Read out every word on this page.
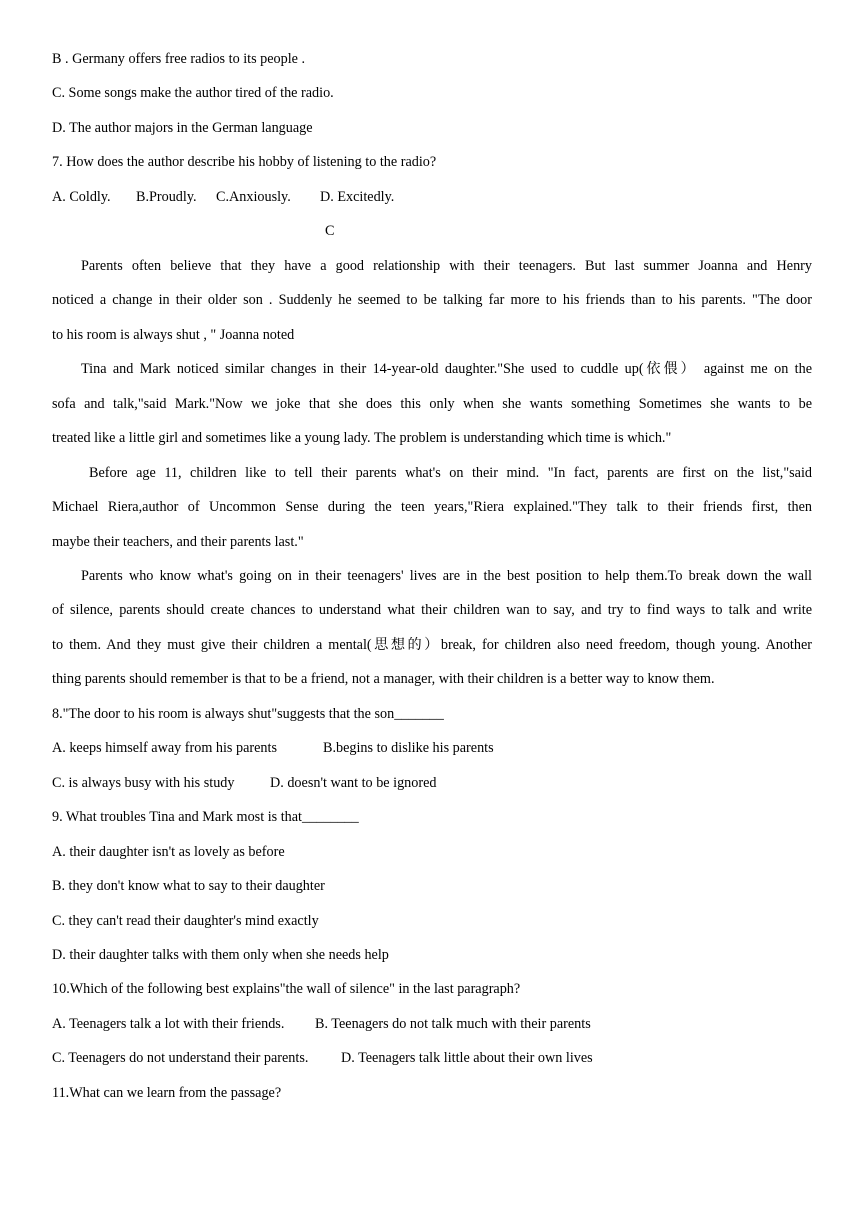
B . Germany offers free radios to its people .
C. Some songs make the author tired of the radio.
D. The author majors in the German language
7. How does the author describe his hobby of listening to the radio?
A. Coldly. B.Proudly. C.Anxiously. D. Excitedly.
C
Parents often believe that they have a good relationship with their teenagers. But last summer Joanna and Henry
noticed a change in their older son . Suddenly he seemed to be talking far more to his friends than to his parents. "The door
to his room is always shut , " Joanna noted
Tina and Mark noticed similar changes in their 14-year-old daughter."She used to cuddle up(依偎） against me on the
sofa and talk,"said Mark."Now we joke that she does this only when she wants something Sometimes she wants to be
treated like a little girl and sometimes like a young lady. The problem is understanding which time is which."
Before age 11, children like to tell their parents what's on their mind. "In fact, parents are first on the list,"said
Michael Riera,author of Uncommon Sense during the teen years,"Riera explained."They talk to their friends first, then
maybe their teachers, and their parents last."
Parents who know what's going on in their teenagers' lives are in the best position to help them.To break down the wall
of silence, parents should create chances to understand what their children wan to say, and try to find ways to talk and write
to them. And they must give their children a mental(思想的）break, for children also need freedom, though young. Another
thing parents should remember is that to be a friend, not a manager, with their children is a better way to know them.
8."The door to his room is always shut"suggests that the son_______
A. keeps himself away from his parents	B.begins to dislike his parents
C. is always busy with his study	D. doesn't want to be ignored
9. What troubles Tina and Mark most is that________
A. their daughter isn't as lovely as before
B. they don't know what to say to their daughter
C. they can't read their daughter's mind exactly
D. their daughter talks with them only when she needs help
10.Which of the following best explains"the wall of silence" in the last paragraph?
A. Teenagers talk a lot with their friends. B. Teenagers do not talk much with their parents
C. Teenagers do not understand their parents. D. Teenagers talk little about their own lives
11.What can we learn from the passage?
